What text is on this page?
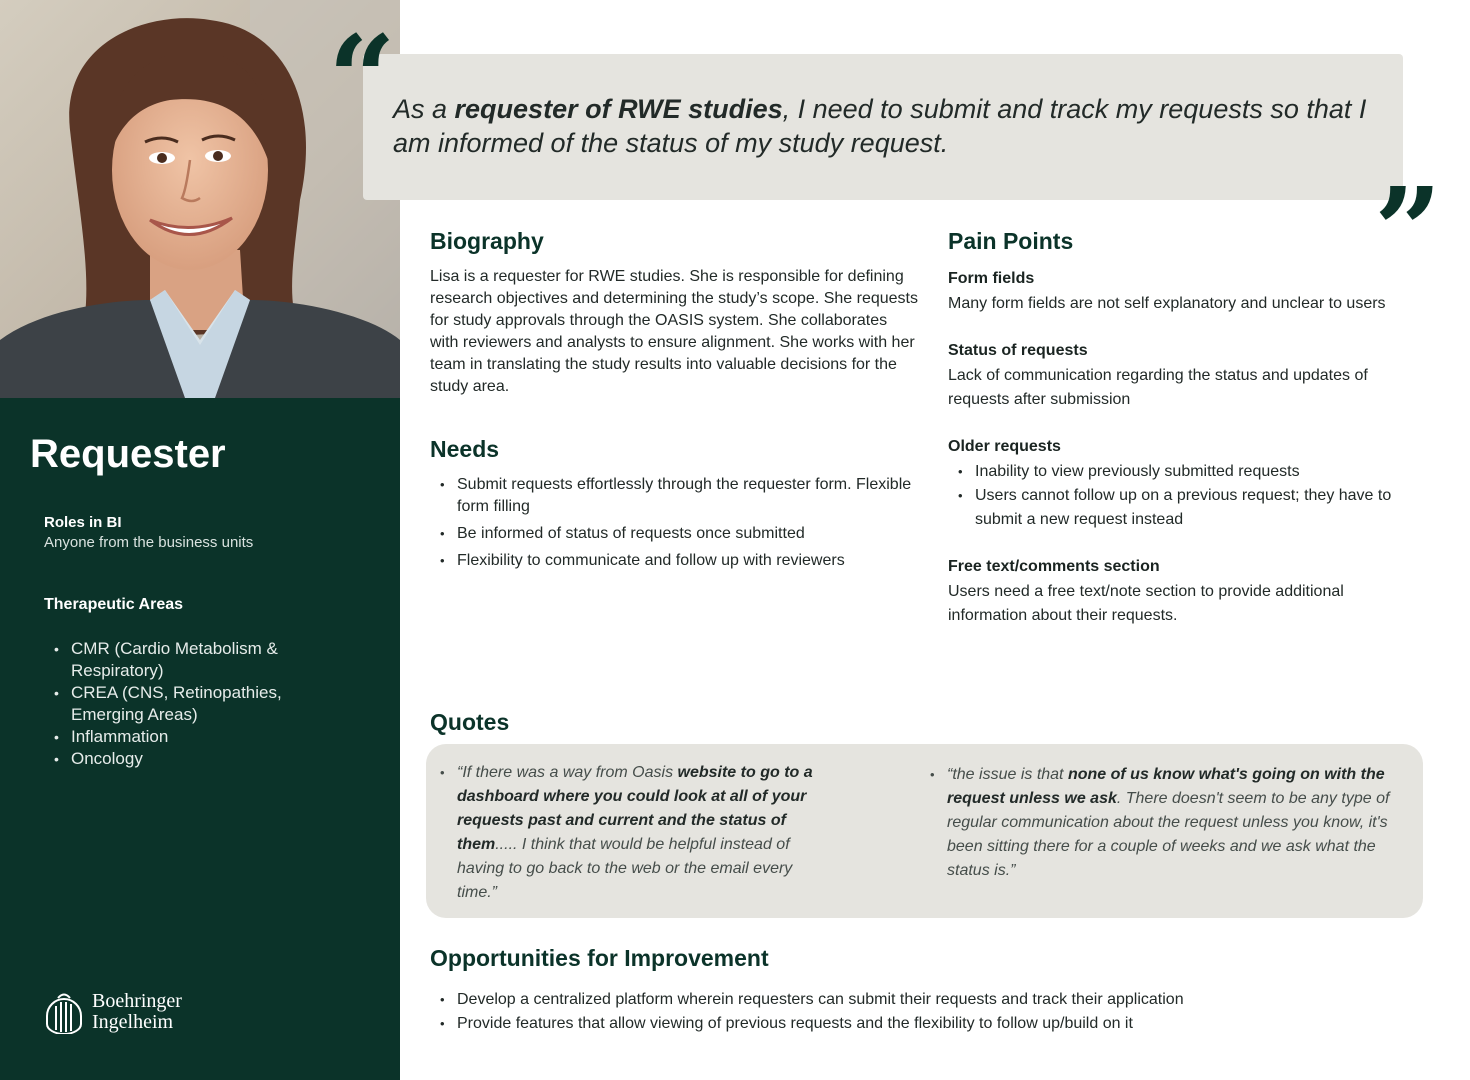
Requester
Roles in BI
Anyone from the business units
Therapeutic Areas
• CMR (Cardio Metabolism & Respiratory)
• CREA (CNS, Retinopathies, Emerging Areas)
• Inflammation
• Oncology
Boehringer
Ingelheim

As a requester of RWE studies, I need to submit and track my requests so that I am informed of the status of my study request.

“
”
Biography
Lisa is a requester for RWE studies. She is responsible for defining research objectives and determining the study’s scope. She requests for study approvals through the OASIS system. She collaborates with reviewers and analysts to ensure alignment. She works with her team in translating the study results into valuable decisions for the study area.
Needs
• Submit requests effortlessly through the requester form. Flexible form filling
• Be informed of status of requests once submitted
• Flexibility to communicate and follow up with reviewers
Pain Points
Form fields
Many form fields are not self explanatory and unclear to users
Status of requests
Lack of communication regarding the status and updates of requests after submission
Older requests
• Inability to view previously submitted requests
• Users cannot follow up on a previous request; they have to submit a new request instead
Free text/comments section
Users need a free text/note section to provide additional information about their requests.
Quotes
• “If there was a way from Oasis website to go to a dashboard where you could look at all of your requests past and current and the status of them..... I think that would be helpful instead of having to go back to the web or the email every time.”
• “the issue is that none of us know what's going on with the request unless we ask. There doesn't seem to be any type of regular communication about the request unless you know, it's been sitting there for a couple of weeks and we ask what the status is.”
Opportunities for Improvement
• Develop a centralized platform wherein requesters can submit their requests and track their application
• Provide features that allow viewing of previous requests and the flexibility to follow up/build on it
